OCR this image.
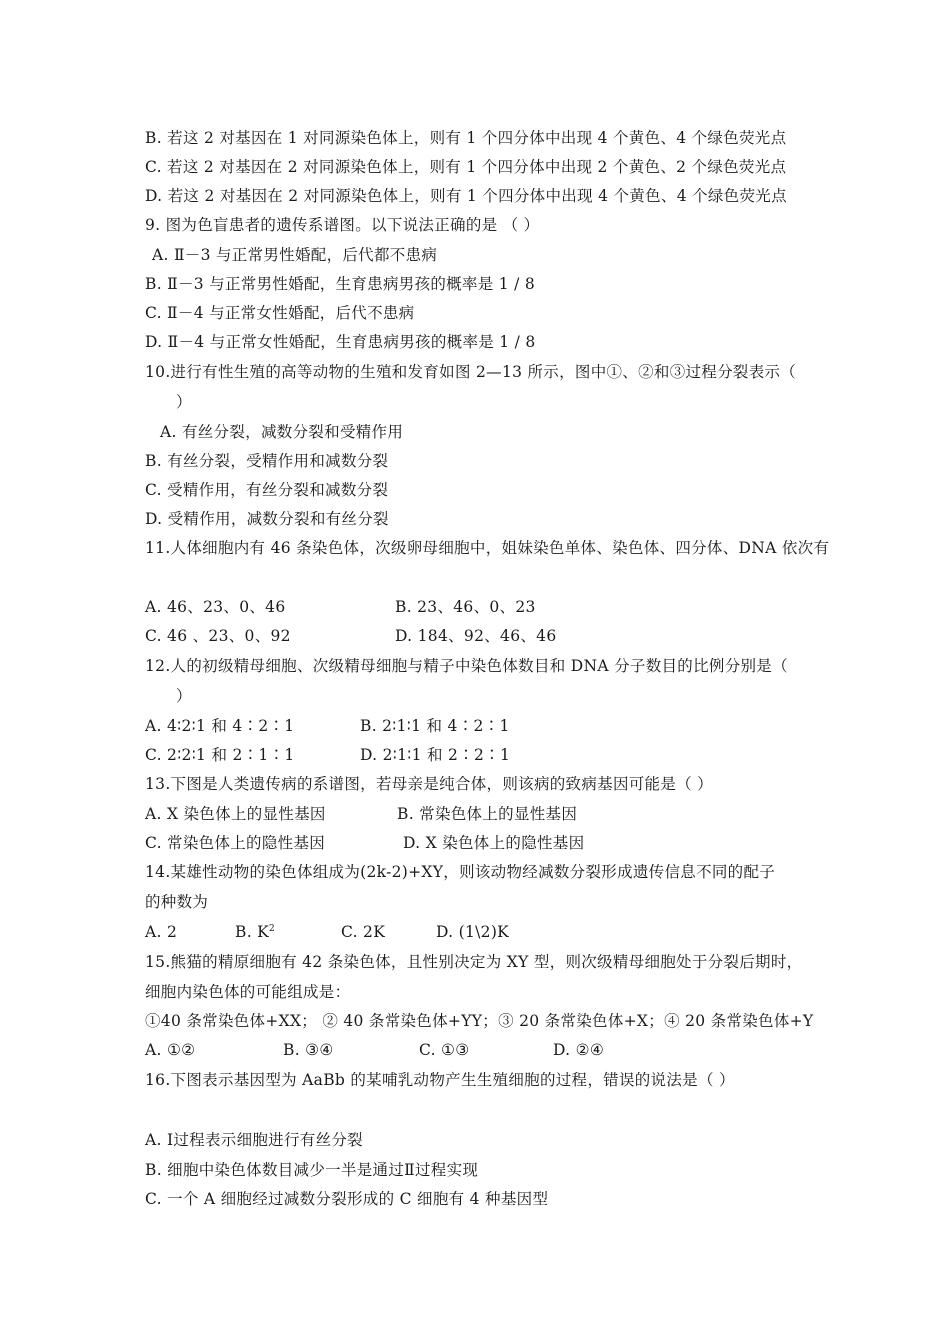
B. 若这 2 对基因在 1 对同源染色体上，则有 1 个四分体中出现 4 个黄色、4 个绿色荧光点
C. 若这 2 对基因在 2 对同源染色体上，则有 1 个四分体中出现 2 个黄色、2 个绿色荧光点
D. 若这 2 对基因在 2 对同源染色体上，则有 1 个四分体中出现 4 个黄色、4 个绿色荧光点
9. 图为色盲患者的遗传系谱图。以下说法正确的是 （ ）
A. Ⅱ－3 与正常男性婚配，后代都不患病
B. Ⅱ－3 与正常男性婚配，生育患病男孩的概率是 1 / 8
C. Ⅱ－4 与正常女性婚配，后代不患病
D. Ⅱ－4 与正常女性婚配，生育患病男孩的概率是 1 / 8
10.进行有性生殖的高等动物的生殖和发育如图 2—13 所示，图中①、②和③过程分裂表示（
）
A. 有丝分裂，减数分裂和受精作用
B. 有丝分裂，受精作用和减数分裂
C. 受精作用，有丝分裂和减数分裂
D. 受精作用，减数分裂和有丝分裂
11.人体细胞内有 46 条染色体，次级卵母细胞中，姐妹染色单体、染色体、四分体、DNA 依次有
A. 46、23、0、46	B. 23、46、0、23
C. 46 、23、0、92	D. 184、92、46、46
12.人的初级精母细胞、次级精母细胞与精子中染色体数目和 DNA 分子数目的比例分别是（
）
A. 4∶2∶1 和 4∶2∶1	B. 2∶1∶1 和 4∶2∶1
C. 2∶2∶1 和 2∶1∶1	D. 2∶1∶1 和 2∶2∶1
13.下图是人类遗传病的系谱图，若母亲是纯合体，则该病的致病基因可能是（ ）
A. X 染色体上的显性基因	B. 常染色体上的显性基因
C. 常染色体上的隐性基因	D. X 染色体上的隐性基因
14.某雄性动物的染色体组成为(2k-2)+XY，则该动物经减数分裂形成遗传信息不同的配子
的种数为
A. 2	B. $K^2$	C. 2K	D. (1\2)K
15.熊猫的精原细胞有 42 条染色体，且性别决定为 XY 型，则次级精母细胞处于分裂后期时，
细胞内染色体的可能组成是：
①40 条常染色体+XX； ② 40 条常染色体+YY；③ 20 条常染色体+X；④ 20 条常染色体+Y
A. ①②	B. ③④	C. ①③	D. ②④
16.下图表示基因型为 AaBb 的某哺乳动物产生生殖细胞的过程，错误的说法是（ ）
A. Ⅰ过程表示细胞进行有丝分裂
B. 细胞中染色体数目减少一半是通过Ⅱ过程实现
C. 一个 A 细胞经过减数分裂形成的 C 细胞有 4 种基因型
